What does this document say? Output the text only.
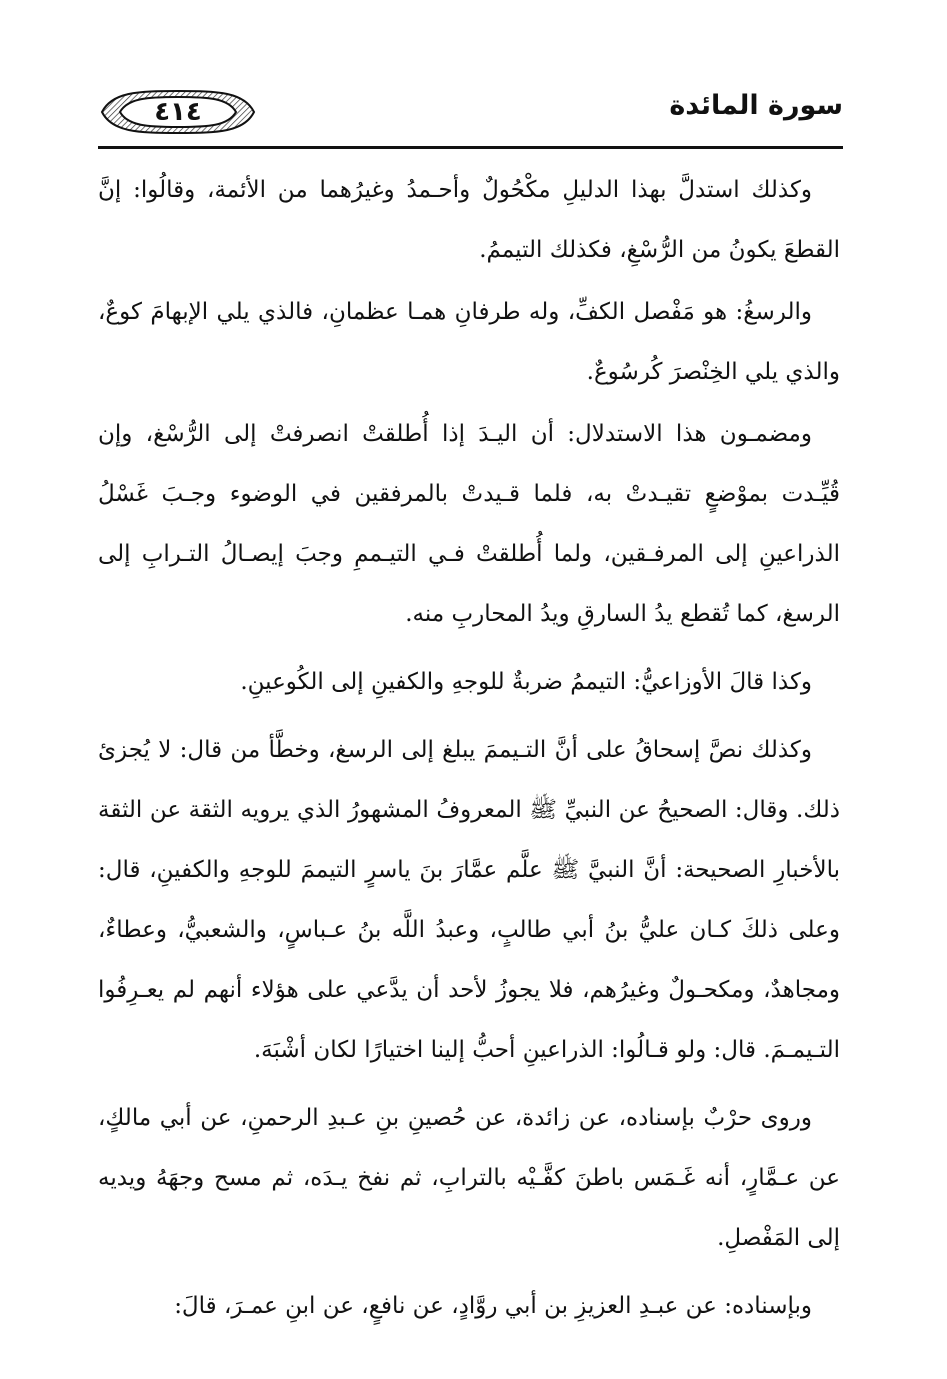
٤١٤	سورة المائدة

وكذلك استدلَّ بهذا الدليلِ مكْحُولٌ وأحـمدُ وغيرُهما من الأئمة، وقالُوا: إنَّ القطعَ يكونُ من الرُّسْغِ، فكذلك التيممُ.

والرسغُ: هو مَفْصل الكفِّ، وله طرفانِ همـا عظمانِ، فالذي يلي الإبهامَ كوعٌ، والذي يلي الخِنْصرَ كُرسُوعٌ.

ومضمـون هذا الاستدلال: أن اليـدَ إذا أُطلقتْ انصرفتْ إلى الرُّسْغ، وإن قُيِّـدت بموْضعٍ تقيـدتْ به، فلما قـيدتْ بالمرفقين في الوضوء وجـبَ غَسْلُ الذراعينِ إلى المرفـقين، ولما أُطلقتْ فـي التيـممِ وجبَ إيصـالُ التـرابِ إلى الرسغ، كما تُقطع يدُ السارقِ ويدُ المحاربِ منه.

وكذا قالَ الأوزاعيُّ: التيممُ ضربةٌ للوجهِ والكفينِ إلى الكُوعينِ.

وكذلك نصَّ إسحاقُ على أنَّ التـيممَ يبلغ إلى الرسغ، وخطَّأ من قال: لا يُجزئ ذلك. وقال: الصحيحُ عن النبيِّ ﷺ المعروفُ المشهورُ الذي يرويه الثقة عن الثقة بالأخبارِ الصحيحة: أنَّ النبيَّ ﷺ علَّم عمَّارَ بنَ ياسرٍ التيممَ للوجهِ والكفينِ، قال: وعلى ذلكَ كـان عليُّ بنُ أبي طالبٍ، وعبدُ اللَّه بنُ عـباسٍ، والشعبيُّ، وعطاءٌ، ومجاهدٌ، ومكحـولٌ وغيرُهم، فلا يجوزُ لأحد أن يدَّعي على هؤلاء أنهم لم يعـرِفُوا التـيمـمَ. قال: ولو قـالُوا: الذراعينِ أحبُّ إلينا اختيارًا لكان أشْبَهَ.

وروى حرْبٌ بإسناده، عن زائدة، عن حُصينِ بنِ عـبدِ الرحمنِ، عن أبي مالكٍ، عن عـمَّارٍ، أنه غَـمَس باطنَ كفَّـيْه بالترابِ، ثم نفخ يـدَه، ثم مسح وجهَهُ ويديه إلى المَفْصلِ.

وبإسناده: عن عبـدِ العزيزِ بن أبي روَّادٍ، عن نافعٍ، عن ابنِ عمـرَ، قالَ:
